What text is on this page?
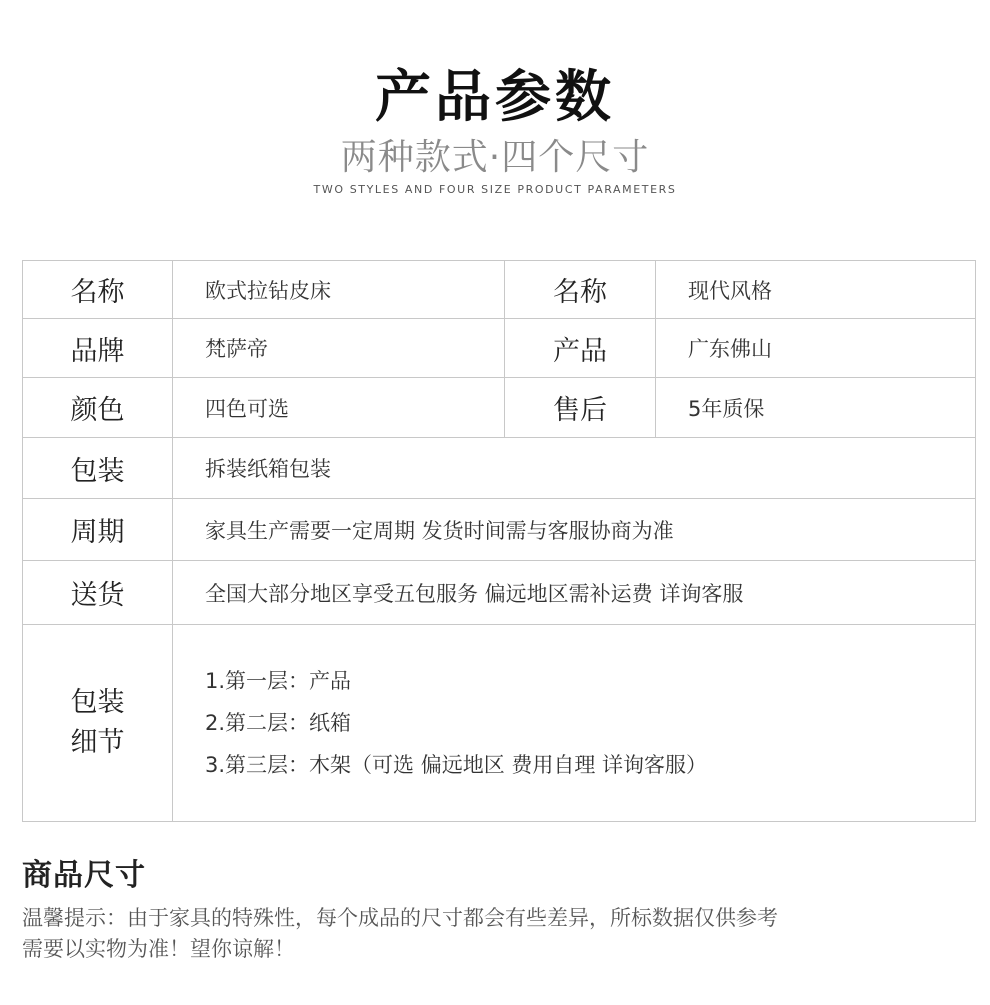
产品参数
两种款式·四个尺寸
TWO STYLES AND FOUR SIZE PRODUCT PARAMETERS
名称	欧式拉钻皮床	名称	现代风格
品牌	梵萨帝	产品	广东佛山
颜色	四色可选	售后	5年质保
包装	拆装纸箱包装		
周期	家具生产需要一定周期 发货时间需与客服协商为准		
送货	全国大部分地区享受五包服务 偏远地区需补运费 详询客服		

包装
细节	1.第一层：产品
2.第二层：纸箱
3.第三层：木架（可选 偏远地区 费用自理 详询客服）		
商品尺寸
温馨提示：由于家具的特殊性，每个成品的尺寸都会有些差异，所标数据仅供参考
需要以实物为准！望你谅解！
